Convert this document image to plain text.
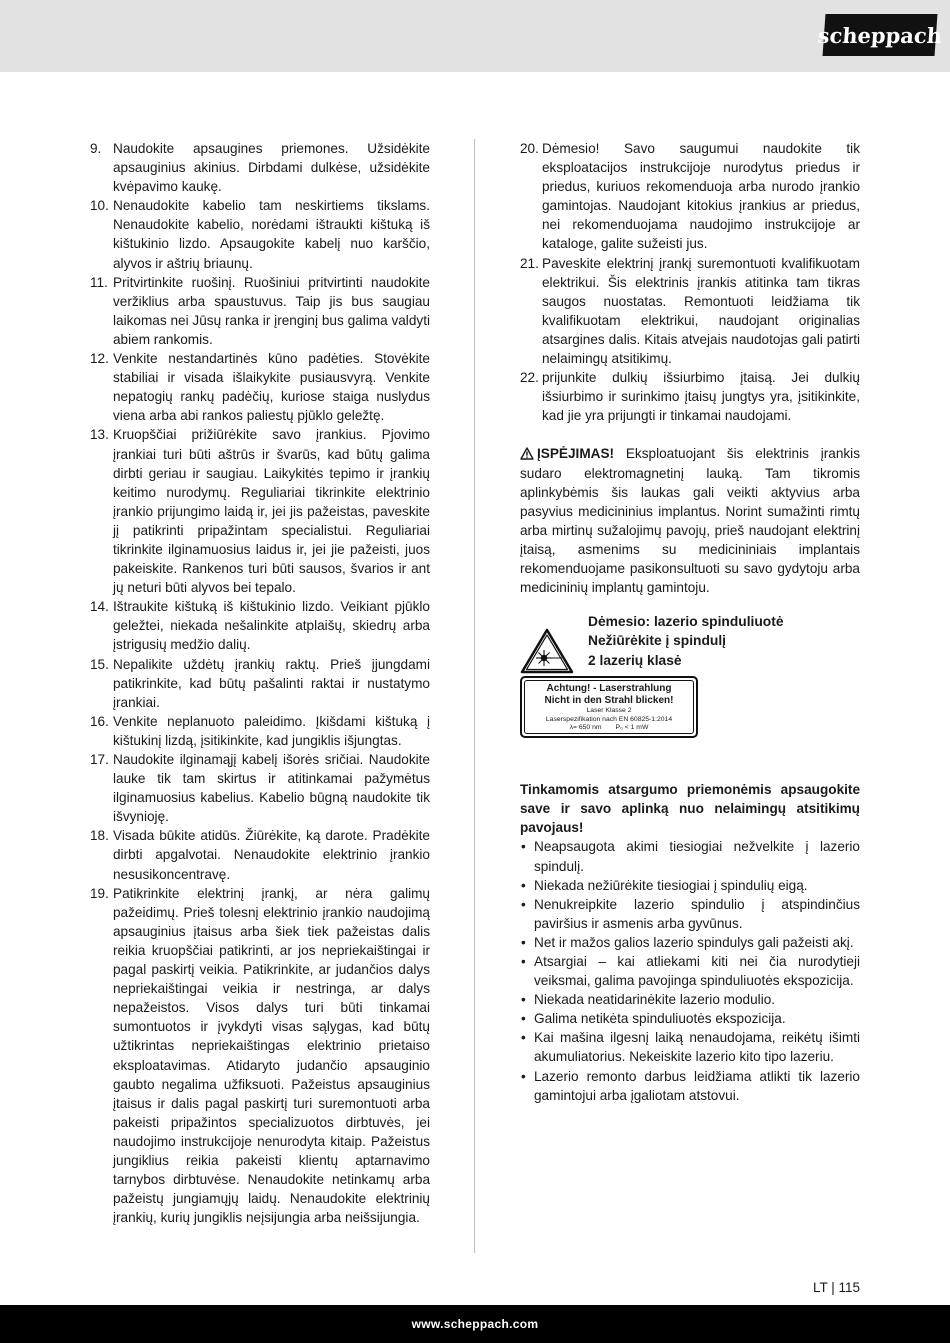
scheppach
9. Naudokite apsaugines priemones. Užsidėkite apsauginius akinius. Dirbdami dulkėse, užsidėkite kvėpavimo kaukę.
10. Nenaudokite kabelio tam neskirtiems tikslams. Nenaudokite kabelio, norėdami ištraukti kištuką iš kištukinio lizdo. Apsaugokite kabelį nuo karščio, alyvos ir aštrių briaunų.
11. Pritvirtinkite ruošinį. Ruošiniui pritvirtinti naudokite veržiklius arba spaustuvus. Taip jis bus saugiau laikomas nei Jūsų ranka ir įrenginį bus galima valdyti abiem rankomis.
12. Venkite nestandartinės kūno padėties. Stovėkite stabiliai ir visada išlaikykite pusiausvyrą. Venkite nepatogių rankų padėčių, kuriose staiga nuslydus viena arba abi rankos paliestų pjūklo geležtę.
13. Kruopščiai prižiūrėkite savo įrankius. Pjovimo įrankiai turi būti aštrūs ir švarūs, kad būtų galima dirbti geriau ir saugiau. Laikykitės tepimo ir įrankių keitimo nurodymų. Reguliariai tikrinkite elektrinio įrankio prijungimo laidą ir, jei jis pažeistas, paveskite jį patikrinti pripažintam specialistui. Reguliariai tikrinkite ilginamuosius laidus ir, jei jie pažeisti, juos pakeiskite. Rankenos turi būti sausos, švarios ir ant jų neturi būti alyvos bei tepalo.
14. Ištraukite kištuką iš kištukinio lizdo. Veikiant pjūklo geležtei, niekada nešalinkite atplaišų, skiedrų arba įstrigusių medžio dalių.
15. Nepalikite uždėtų įrankių raktų. Prieš įjungdami patikrinkite, kad būtų pašalinti raktai ir nustatymo įrankiai.
16. Venkite neplanuoto paleidimo. Įkišdami kištuką į kištukinį lizdą, įsitikinkite, kad jungiklis išjungtas.
17. Naudokite ilginamąjį kabelį išorės sričiai. Naudokite lauke tik tam skirtus ir atitinkamai pažymėtus ilginamuosius kabelius. Kabelio būgną naudokite tik išvynioję.
18. Visada būkite atidūs. Žiūrėkite, ką darote. Pradėkite dirbti apgalvotai. Nenaudokite elektrinio įrankio nesusikoncentravę.
19. Patikrinkite elektrinį įrankį, ar nėra galimų pažeidimų. Prieš tolesnį elektrinio įrankio naudojimą apsauginius įtaisus arba šiek tiek pažeistas dalis reikia kruopščiai patikrinti, ar jos nepriekaištingai ir pagal paskirtį veikia. Patikrinkite, ar judančios dalys nepriekaištingai veikia ir nestringa, ar dalys nepažeistos. Visos dalys turi būti tinkamai sumontuotos ir įvykdyti visas sąlygas, kad būtų užtikrintas nepriekaištingas elektrinio prietaiso eksploatavimas. Atidaryto judančio apsauginio gaubto negalima užfiksuoti. Pažeistus apsauginius įtaisus ir dalis pagal paskirtį turi suremontuoti arba pakeisti pripažintos specializuotos dirbtuvės, jei naudojimo instrukcijoje nenurodyta kitaip. Pažeistus jungiklius reikia pakeisti klientų aptarnavimo tarnybos dirbtuvėse. Nenaudokite netinkamų arba pažeistų jungiamųjų laidų. Nenaudokite elektrinių įrankių, kurių jungiklis neįsijungia arba neišsijungia.
20. Dėmesio! Savo saugumui naudokite tik eksploatacijos instrukcijoje nurodytus priedus ir priedus, kuriuos rekomenduoja arba nurodo įrankio gamintojas. Naudojant kitokius įrankius ar priedus, nei rekomenduojama naudojimo instrukcijoje ar kataloge, galite sužeisti jus.
21. Paveskite elektrinį įrankį suremontuoti kvalifikuotam elektrikui. Šis elektrinis įrankis atitinka tam tikras saugos nuostatas. Remontuoti leidžiama tik kvalifikuotam elektrikui, naudojant originalias atsargines dalis. Kitais atvejais naudotojas gali patirti nelaimingų atsitikimų.
22. prijunkite dulkių išsiurbimo įtaisą. Jei dulkių išsiurbimo ir surinkimo įtaisų jungtys yra, įsitikinkite, kad jie yra prijungti ir tinkamai naudojami.

ĮSPĖJIMAS! Eksploatuojant šis elektrinis įrankis sudaro elektromagnetinį lauką. Tam tikromis aplinkybėmis šis laukas gali veikti aktyvius arba pasyvius medicininius implantus. Norint sumažinti rimtų arba mirtinų sužalojimų pavojų, prieš naudojant elektrinį įtaisą, asmenims su medicininiais implantais rekomenduojame pasikonsultuoti su savo gydytoju arba medicininių implantų gamintoju.

Dėmesio: lazerio spinduliuotė
Nežiūrėkite į spindulį
2 lazerių klasė
Achtung! - Laserstrahlung
Nicht in den Strahl blicken!
Laser Klasse 2
Laserspezifikation nach EN 60825-1:2014
λ= 650 nm P₀ < 1 mW
Tinkamomis atsargumo priemonėmis apsaugokite save ir savo aplinką nuo nelaimingų atsitikimų pavojaus!
• Neapsaugota akimi tiesiogiai nežvelkite į lazerio spindulį.
• Niekada nežiūrėkite tiesiogiai į spindulių eigą.
• Nenukreipkite lazerio spindulio į atspindinčius paviršius ir asmenis arba gyvūnus.
• Net ir mažos galios lazerio spindulys gali pažeisti akį.
• Atsargiai – kai atliekami kiti nei čia nurodytieji veiksmai, galima pavojinga spinduliuotės ekspozicija.
• Niekada neatidarinėkite lazerio modulio.
• Galima netikėta spinduliuotės ekspozicija.
• Kai mašina ilgesnį laiką nenaudojama, reikėtų išimti akumuliatorius. Nekeiskite lazerio kito tipo lazeriu.
• Lazerio remonto darbus leidžiama atlikti tik lazerio gamintojui arba įgaliotam atstovui.
LT | 115
www.scheppach.com
